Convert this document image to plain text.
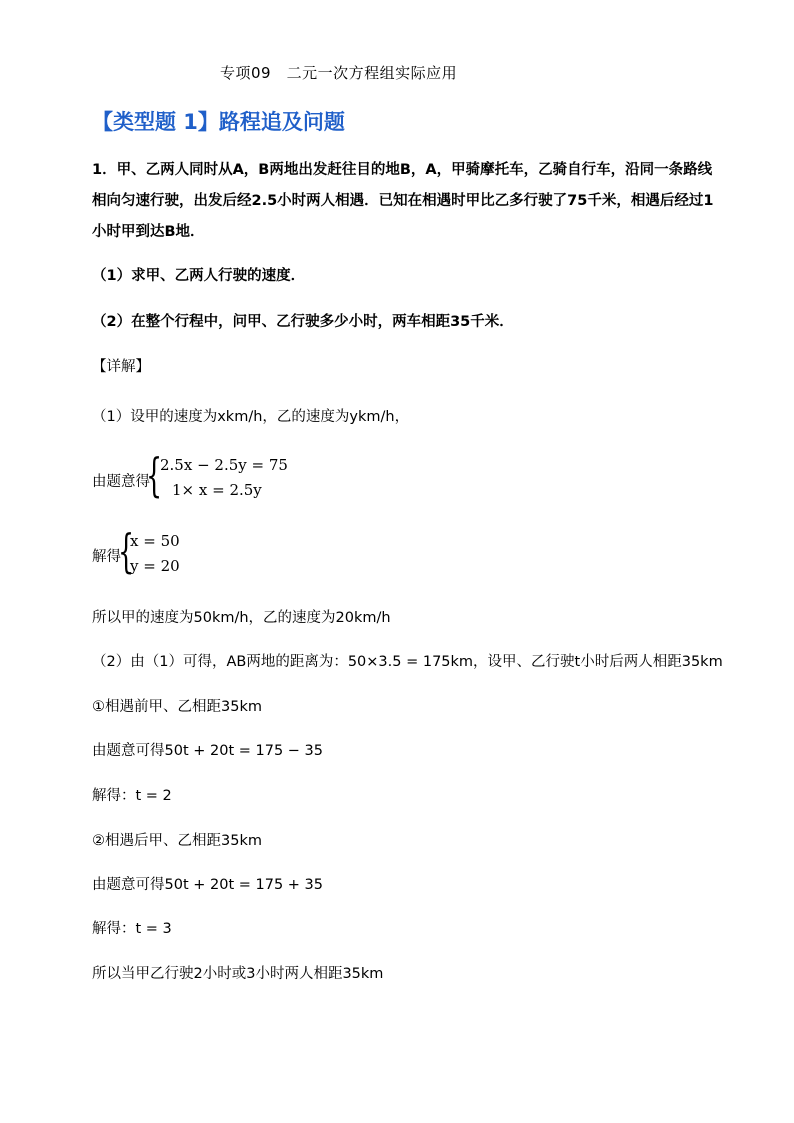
专项09　二元一次方程组实际应用
【类型题 1】路程追及问题
1．甲、乙两人同时从A，B两地出发赶往目的地B，A，甲骑摩托车，乙骑自行车，沿同一条路线
相向匀速行驶，出发后经2.5小时两人相遇．已知在相遇时甲比乙多行驶了75千米，相遇后经过1
小时甲到达B地．
（1）求甲、乙两人行驶的速度．
（2）在整个行程中，问甲、乙行驶多少小时，两车相距35千米．
【详解】
（1）设甲的速度为xkm/h，乙的速度为ykm/h，
由题意得
{
2.5x − 2.5y = 75
1× x = 2.5y
解得
{
x = 50
y = 20
所以甲的速度为50km/h，乙的速度为20km/h
（2）由（1）可得，AB两地的距离为：50×3.5 = 175km，设甲、乙行驶t小时后两人相距35km
①相遇前甲、乙相距35km
由题意可得50t + 20t = 175 − 35
解得：t = 2
②相遇后甲、乙相距35km
由题意可得50t + 20t = 175 + 35
解得：t = 3
所以当甲乙行驶2小时或3小时两人相距35km
